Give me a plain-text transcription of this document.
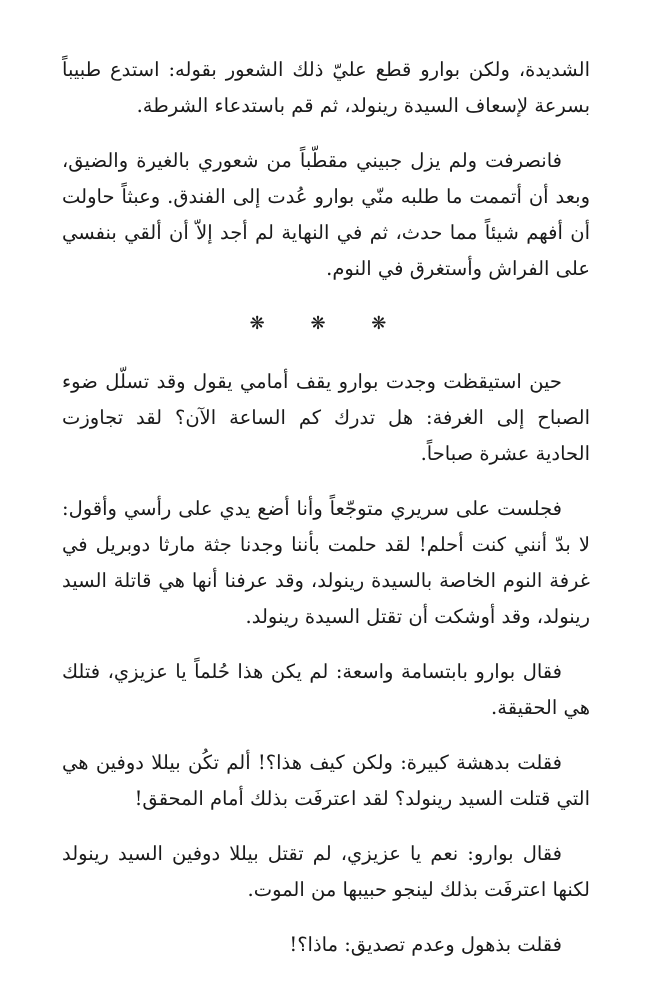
الشديدة، ولكن بوارو قطع عليّ ذلك الشعور بقوله: استدع طبيباً بسرعة لإسعاف السيدة رينولد، ثم قم باستدعاء الشرطة.

فانصرفت ولم يزل جبيني مقطّباً من شعوري بالغيرة والضيق، وبعد أن أتممت ما طلبه منّي بوارو عُدت إلى الفندق. وعبثاً حاولت أن أفهم شيئاً مما حدث، ثم في النهاية لم أجد إلاّ أن ألقي بنفسي على الفراش وأستغرق في النوم.

❋ ❋ ❋

حين استيقظت وجدت بوارو يقف أمامي يقول وقد تسلّل ضوء الصباح إلى الغرفة: هل تدرك كم الساعة الآن؟ لقد تجاوزت الحادية عشرة صباحاً.

فجلست على سريري متوجّعاً وأنا أضع يدي على رأسي وأقول: لا بدّ أنني كنت أحلم! لقد حلمت بأننا وجدنا جثة مارثا دوبريل في غرفة النوم الخاصة بالسيدة رينولد، وقد عرفنا أنها هي قاتلة السيد رينولد، وقد أوشكت أن تقتل السيدة رينولد.

فقال بوارو بابتسامة واسعة: لم يكن هذا حُلماً يا عزيزي، فتلك هي الحقيقة.

فقلت بدهشة كبيرة: ولكن كيف هذا؟! ألم تكُن بيللا دوفين هي التي قتلت السيد رينولد؟ لقد اعترفَت بذلك أمام المحقق!

فقال بوارو: نعم يا عزيزي، لم تقتل بيللا دوفين السيد رينولد لكنها اعترفَت بذلك لينجو حبيبها من الموت.

فقلت بذهول وعدم تصديق: ماذا؟!
